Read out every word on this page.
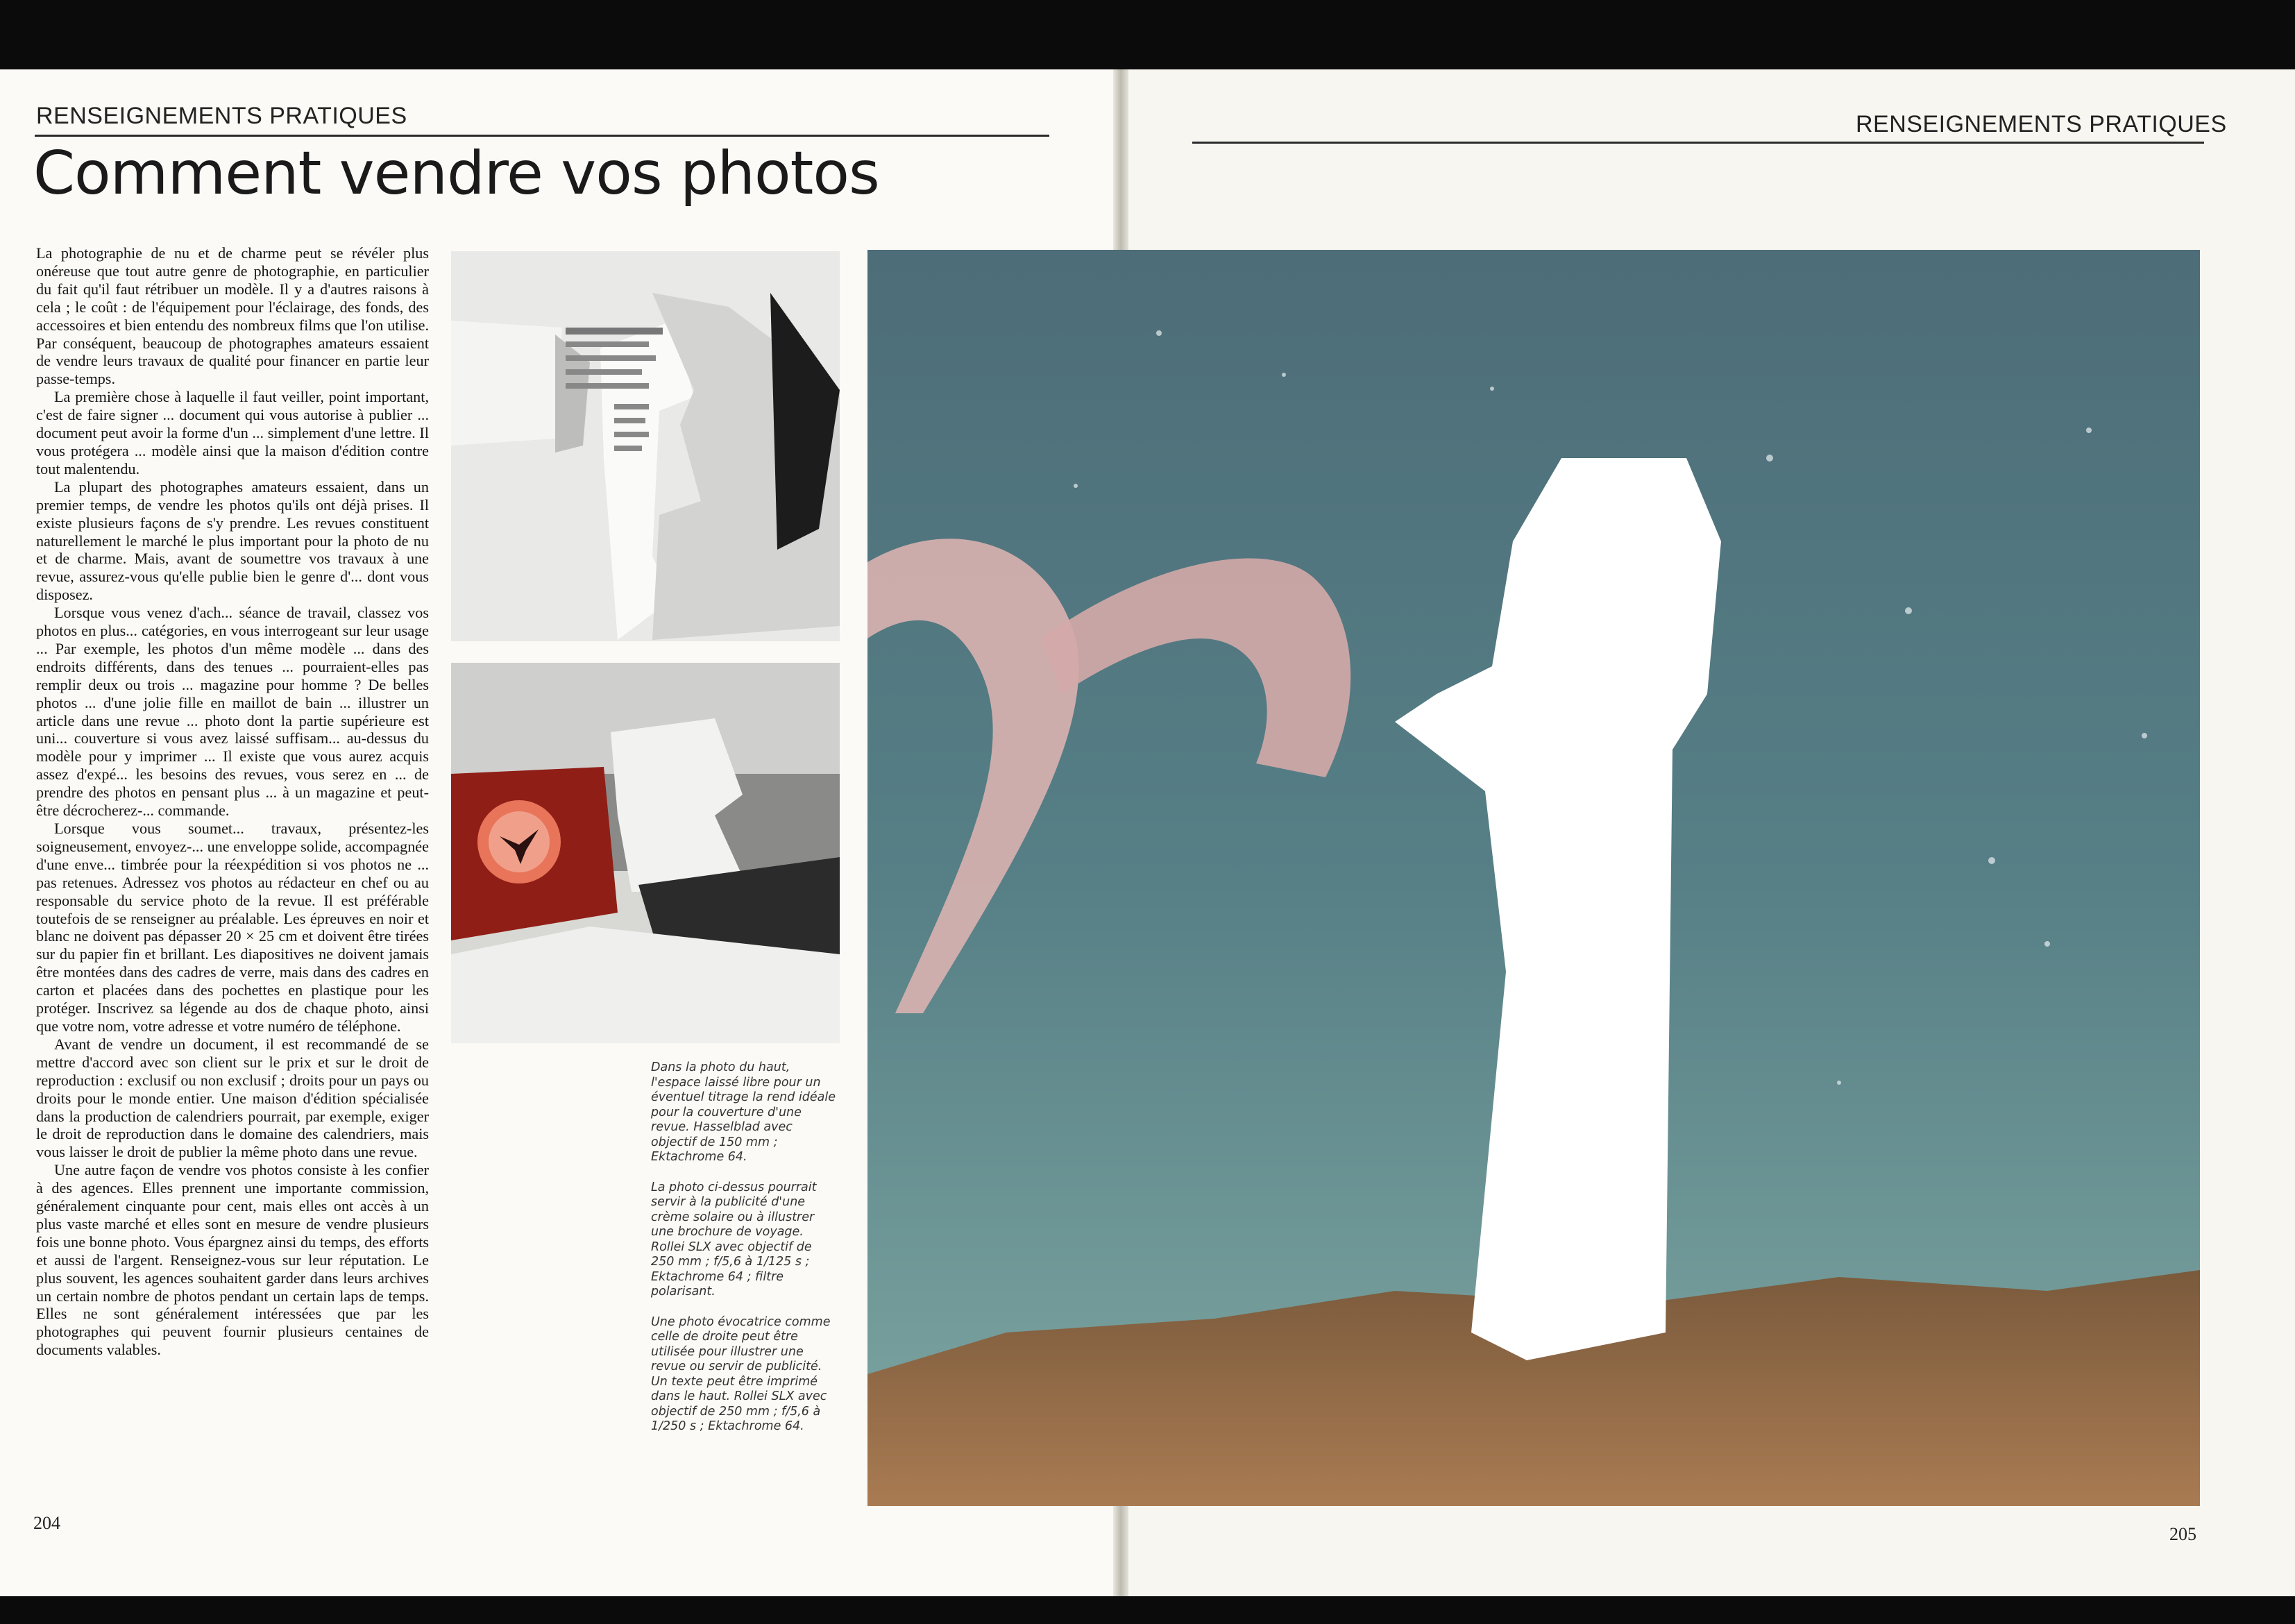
RENSEIGNEMENTS PRATIQUES
Comment vendre vos photos

La photographie de nu et de charme peut se révéler plus onéreuse que tout autre genre de photographie, en particulier du fait qu'il faut rétribuer un modèle. Il y a d'autres raisons à cela ; le coût : de l'équipement pour l'éclairage, des fonds, des accessoires et bien entendu des nombreux films que l'on utilise. Par conséquent, beaucoup de photographes amateurs essaient de vendre leurs travaux de qualité pour financer en partie leur passe-temps.

La première chose à laquelle il faut veiller, point important, c'est de faire signer ... document qui vous autorise à publier ... document peut avoir la forme d'un ... simplement d'une lettre. Il vous protégera ... modèle ainsi que la maison d'édition contre tout malentendu.

La plupart des photographes amateurs essaient, dans un premier temps, de vendre les photos qu'ils ont déjà prises. Il existe plusieurs façons de s'y prendre. Les revues constituent naturellement le marché le plus important pour la photo de nu et de charme. Mais, avant de soumettre vos travaux à une revue, assurez-vous qu'elle publie bien le genre d'... dont vous disposez.

Lorsque vous venez d'ach... séance de travail, classez vos photos en plus... catégories, en vous interrogeant sur leur usage ... Par exemple, les photos d'un même modèle ... dans des endroits différents, dans des tenues ... pourraient-elles pas remplir deux ou trois ... magazine pour homme ? De belles photos ... d'une jolie fille en maillot de bain ... illustrer un article dans une revue ... photo dont la partie supérieure est uni... couverture si vous avez laissé suffisam... au-dessus du modèle pour y imprimer ... Il existe que vous aurez acquis assez d'expé... les besoins des revues, vous serez en ... de prendre des photos en pensant plus ... à un magazine et peut-être décrocherez-... commande.

Lorsque vous soumet... travaux, présentez-les soigneusement, envoyez-... une enveloppe solide, accompagnée d'une enve... timbrée pour la réexpédition si vos photos ne ... pas retenues. Adressez vos photos au rédacteur en chef ou au responsable du service photo de la revue. Il est préférable toutefois de se renseigner au préalable. Les épreuves en noir et blanc ne doivent pas dépasser 20 × 25 cm et doivent être tirées sur du papier fin et brillant. Les diapositives ne doivent jamais être montées dans des cadres de verre, mais dans des cadres en carton et placées dans des pochettes en plastique pour les protéger. Inscrivez sa légende au dos de chaque photo, ainsi que votre nom, votre adresse et votre numéro de téléphone.

Avant de vendre un document, il est recommandé de se mettre d'accord avec son client sur le prix et sur le droit de reproduction : exclusif ou non exclusif ; droits pour un pays ou droits pour le monde entier. Une maison d'édition spécialisée dans la production de calendriers pourrait, par exemple, exiger le droit de reproduction dans le domaine des calendriers, mais vous laisser le droit de publier la même photo dans une revue.

Une autre façon de vendre vos photos consiste à les confier à des agences. Elles prennent une importante commission, généralement cinquante pour cent, mais elles ont accès à un plus vaste marché et elles sont en mesure de vendre plusieurs fois une bonne photo. Vous épargnez ainsi du temps, des efforts et aussi de l'argent. Renseignez-vous sur leur réputation. Le plus souvent, les agences souhaitent garder dans leurs archives un certain nombre de photos pendant un certain laps de temps. Elles ne sont généralement intéressées que par les photographes qui peuvent fournir plusieurs centaines de documents valables.

204

Dans la photo du haut, l'espace laissé libre pour un éventuel titrage la rend idéale pour la couverture d'une revue. Hasselblad avec objectif de 150 mm ; Ektachrome 64.

La photo ci-dessus pourrait servir à la publicité d'une crème solaire ou à illustrer une brochure de voyage. Rollei SLX avec objectif de 250 mm ; f/5,6 à 1/125 s ; Ektachrome 64 ; filtre polarisant.

Une photo évocatrice comme celle de droite peut être utilisée pour illustrer une revue ou servir de publicité. Un texte peut être imprimé dans le haut. Rollei SLX avec objectif de 250 mm ; f/5,6 à 1/250 s ; Ektachrome 64.

RENSEIGNEMENTS PRATIQUES
205
